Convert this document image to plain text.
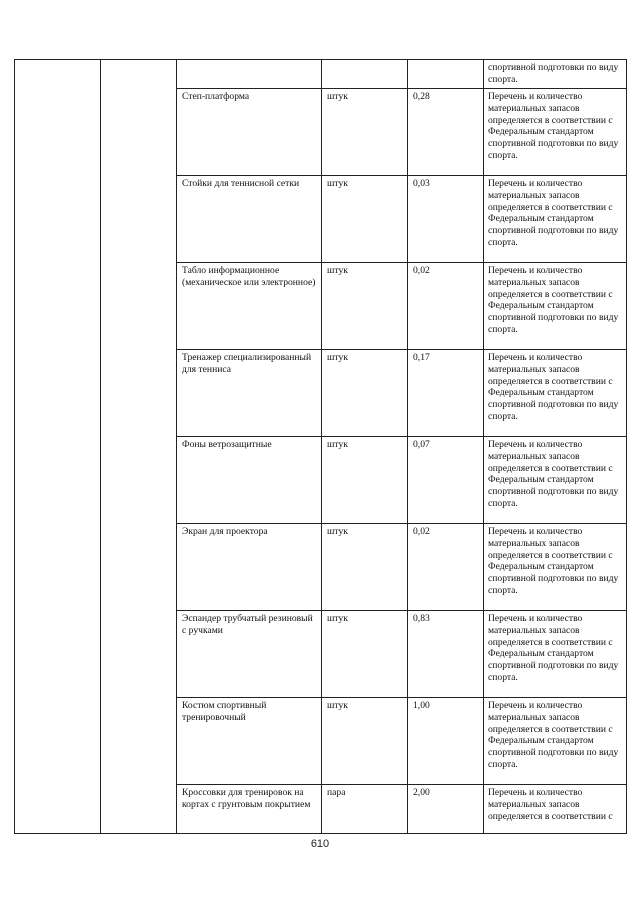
					спортивной подготовки по виду спорта.
		Степ-платформа	штук	0,28	Перечень и количество материальных запасов определяется в соответствии с Федеральным стандартом спортивной подготовки по виду спорта.
		Стойки для теннисной сетки	штук	0,03	Перечень и количество материальных запасов определяется в соответствии с Федеральным стандартом спортивной подготовки по виду спорта.
		Табло информационное (механическое или электронное)	штук	0,02	Перечень и количество материальных запасов определяется в соответствии с Федеральным стандартом спортивной подготовки по виду спорта.
		Тренажер специализированный для тенниса	штук	0,17	Перечень и количество материальных запасов определяется в соответствии с Федеральным стандартом спортивной подготовки по виду спорта.
		Фоны ветрозащитные	штук	0,07	Перечень и количество материальных запасов определяется в соответствии с Федеральным стандартом спортивной подготовки по виду спорта.
		Экран для проектора	штук	0,02	Перечень и количество материальных запасов определяется в соответствии с Федеральным стандартом спортивной подготовки по виду спорта.
		Эспандер трубчатый резиновый с ручками	штук	0,83	Перечень и количество материальных запасов определяется в соответствии с Федеральным стандартом спортивной подготовки по виду спорта.
		Костюм спортивный тренировочный	штук	1,00	Перечень и количество материальных запасов определяется в соответствии с Федеральным стандартом спортивной подготовки по виду спорта.
		Кроссовки для тренировок на кортах с грунтовым покрытием	пара	2,00	Перечень и количество материальных запасов определяется в соответствии с
610
